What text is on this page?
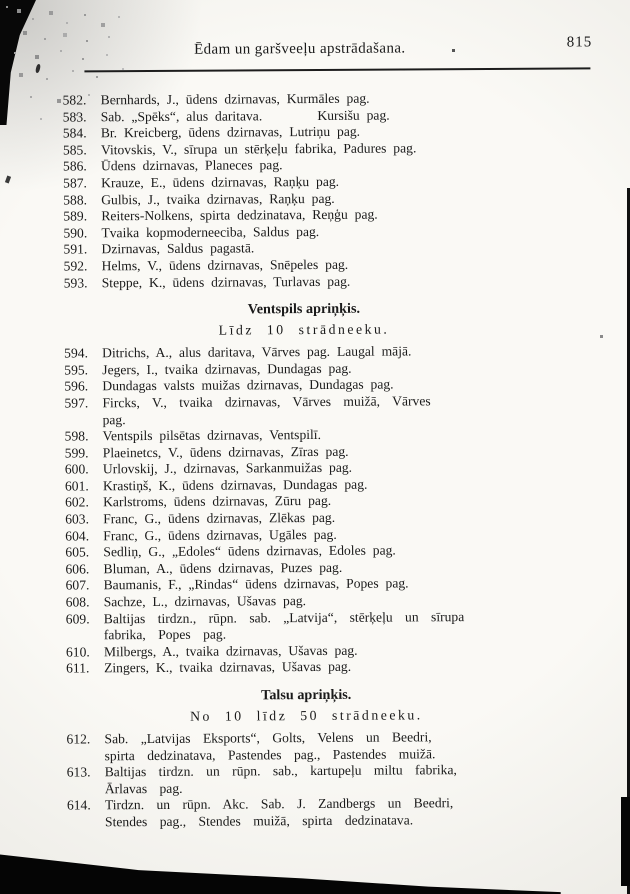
Ēdam un garšveeļu apstrādašana.	815
582.	Bernhards, J., ūdens dzirnavas, Kurmāles pag.
583.	Sab. „Spēks“, alus daritava.        Kursišu pag.
584.	Br. Kreicberg, ūdens dzirnavas, Lutriņu pag.
585.	Vitovskis, V., sīrupa un stērķeļu fabrika, Padures pag.
586.	Ūdens dzirnavas, Planeces pag.
587.	Krauze, E., ūdens dzirnavas, Raņķu pag.
588.	Gulbis, J., tvaika dzirnavas, Raņķu pag.
589.	Reiters-Nolkens, spirta dedzinatava, Reņģu pag.
590.	Tvaika kopmoderneeciba, Saldus pag.
591.	Dzirnavas, Saldus pagastā.
592.	Helms, V., ūdens dzirnavas, Snēpeles pag.
593.	Steppe, K., ūdens dzirnavas, Turlavas pag.
Ventspils apriņķis.
Līdz 10 strādneeku.
594.	Ditrichs, A., alus daritava, Vārves pag. Laugal mājā.
595.	Jegers, I., tvaika dzirnavas, Dundagas pag.
596.	Dundagas valsts muižas dzirnavas, Dundagas pag.
597.	Fircks, V., tvaika dzirnavas, Vārves muižā, Vārves
pag.
598.	Ventspils pilsētas dzirnavas, Ventspilī.
599.	Plaeinetcs, V., ūdens dzirnavas, Zīras pag.
600.	Urlovskij, J., dzirnavas, Sarkanmuižas pag.
601.	Krastiņš, K., ūdens dzirnavas, Dundagas pag.
602.	Karlstroms, ūdens dzirnavas, Zūru pag.
603.	Franc, G., ūdens dzirnavas, Zlēkas pag.
604.	Franc, G., ūdens dzirnavas, Ugāles pag.
605.	Sedliņ, G., „Edoles“ ūdens dzirnavas, Edoles pag.
606.	Bluman, A., ūdens dzirnavas, Puzes pag.
607.	Baumanis, F., „Rindas“ ūdens dzirnavas, Popes pag.
608.	Sachze, L., dzirnavas, Ušavas pag.
609.	Baltijas tirdzn., rūpn. sab. „Latvija“, stērķeļu un sīrupa
fabrika, Popes pag.
610.	Milbergs, A., tvaika dzirnavas, Ušavas pag.
611.	Zingers, K., tvaika dzirnavas, Ušavas pag.
Talsu apriņķis.
No 10 līdz 50 strādneeku.
612.	Sab. „Latvijas Eksports“, Golts, Velens un Beedri,
spirta dedzinatava, Pastendes pag., Pastendes muižā.
613.	Baltijas tirdzn. un rūpn. sab., kartupeļu miltu fabrika,
Ārlavas pag.
614.	Tirdzn. un rūpn. Akc. Sab. J. Zandbergs un Beedri,
Stendes pag., Stendes muižā, spirta dedzinatava.
